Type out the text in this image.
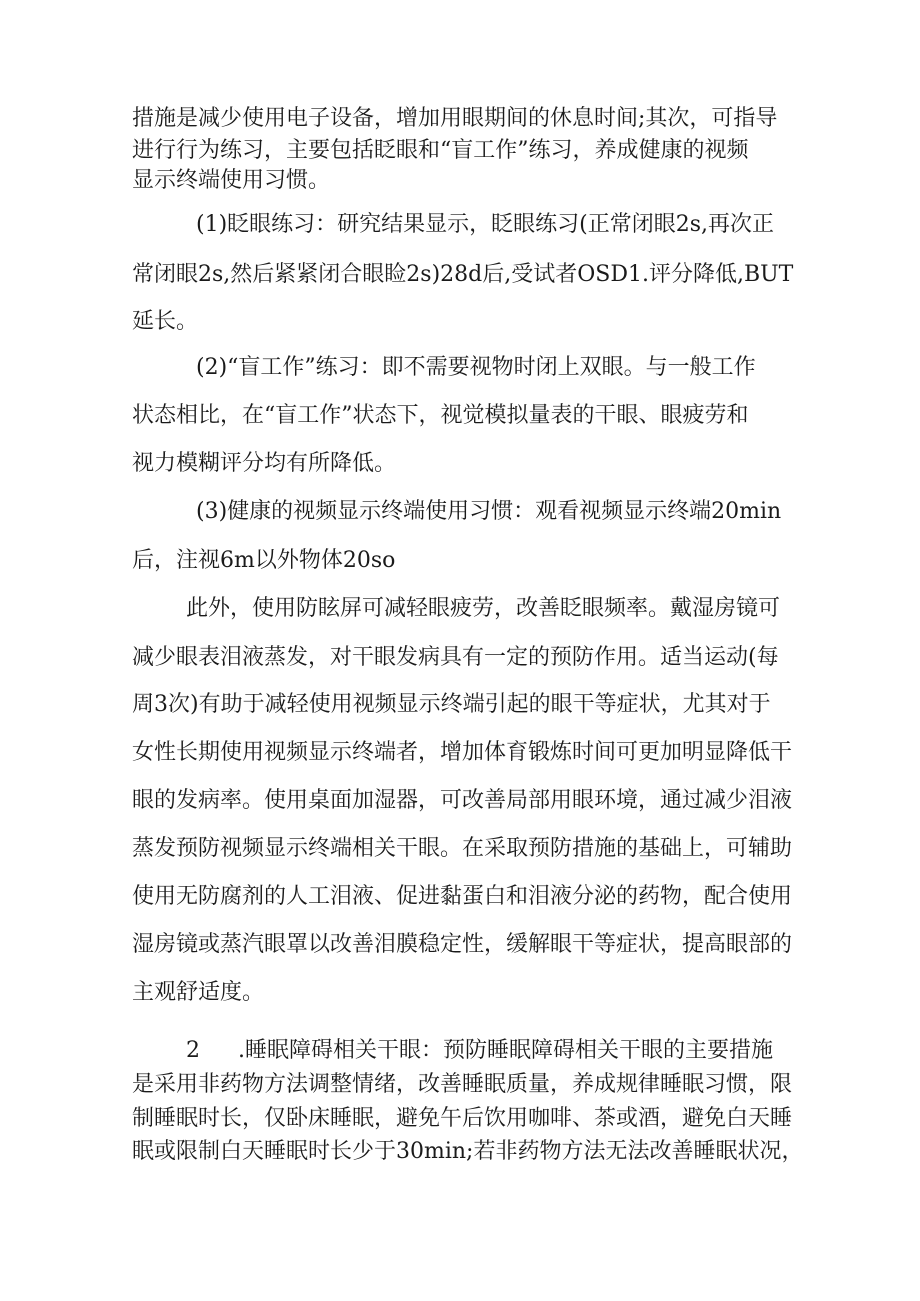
措施是减少使用电子设备，增加用眼期间的休息时间;其次，可指导
进行行为练习，主要包括眨眼和“盲工作”练习，养成健康的视频
显示终端使用习惯。
(1)眨眼练习：研究结果显示，眨眼练习(正常闭眼2s,再次正
常闭眼2s,然后紧紧闭合眼睑2s)28d后,受试者OSD1.评分降低,BUT
延长。
(2)“盲工作”练习：即不需要视物时闭上双眼。与一般工作
状态相比，在“盲工作”状态下，视觉模拟量表的干眼、眼疲劳和
视力模糊评分均有所降低。
(3)健康的视频显示终端使用习惯：观看视频显示终端20min
后，注视6m以外物体20so
此外，使用防眩屏可减轻眼疲劳，改善眨眼频率。戴湿房镜可
减少眼表泪液蒸发，对干眼发病具有一定的预防作用。适当运动(每
周3次)有助于减轻使用视频显示终端引起的眼干等症状，尤其对于
女性长期使用视频显示终端者，增加体育锻炼时间可更加明显降低干
眼的发病率。使用桌面加湿器，可改善局部用眼环境，通过减少泪液
蒸发预防视频显示终端相关干眼。在采取预防措施的基础上，可辅助
使用无防腐剂的人工泪液、促进黏蛋白和泪液分泌的药物，配合使用
湿房镜或蒸汽眼罩以改善泪膜稳定性，缓解眼干等症状，提高眼部的
主观舒适度。
2 .睡眠障碍相关干眼：预防睡眠障碍相关干眼的主要措施
是采用非药物方法调整情绪，改善睡眠质量，养成规律睡眠习惯，限
制睡眠时长，仅卧床睡眠，避免午后饮用咖啡、茶或酒，避免白天睡
眠或限制白天睡眠时长少于30min;若非药物方法无法改善睡眠状况，
